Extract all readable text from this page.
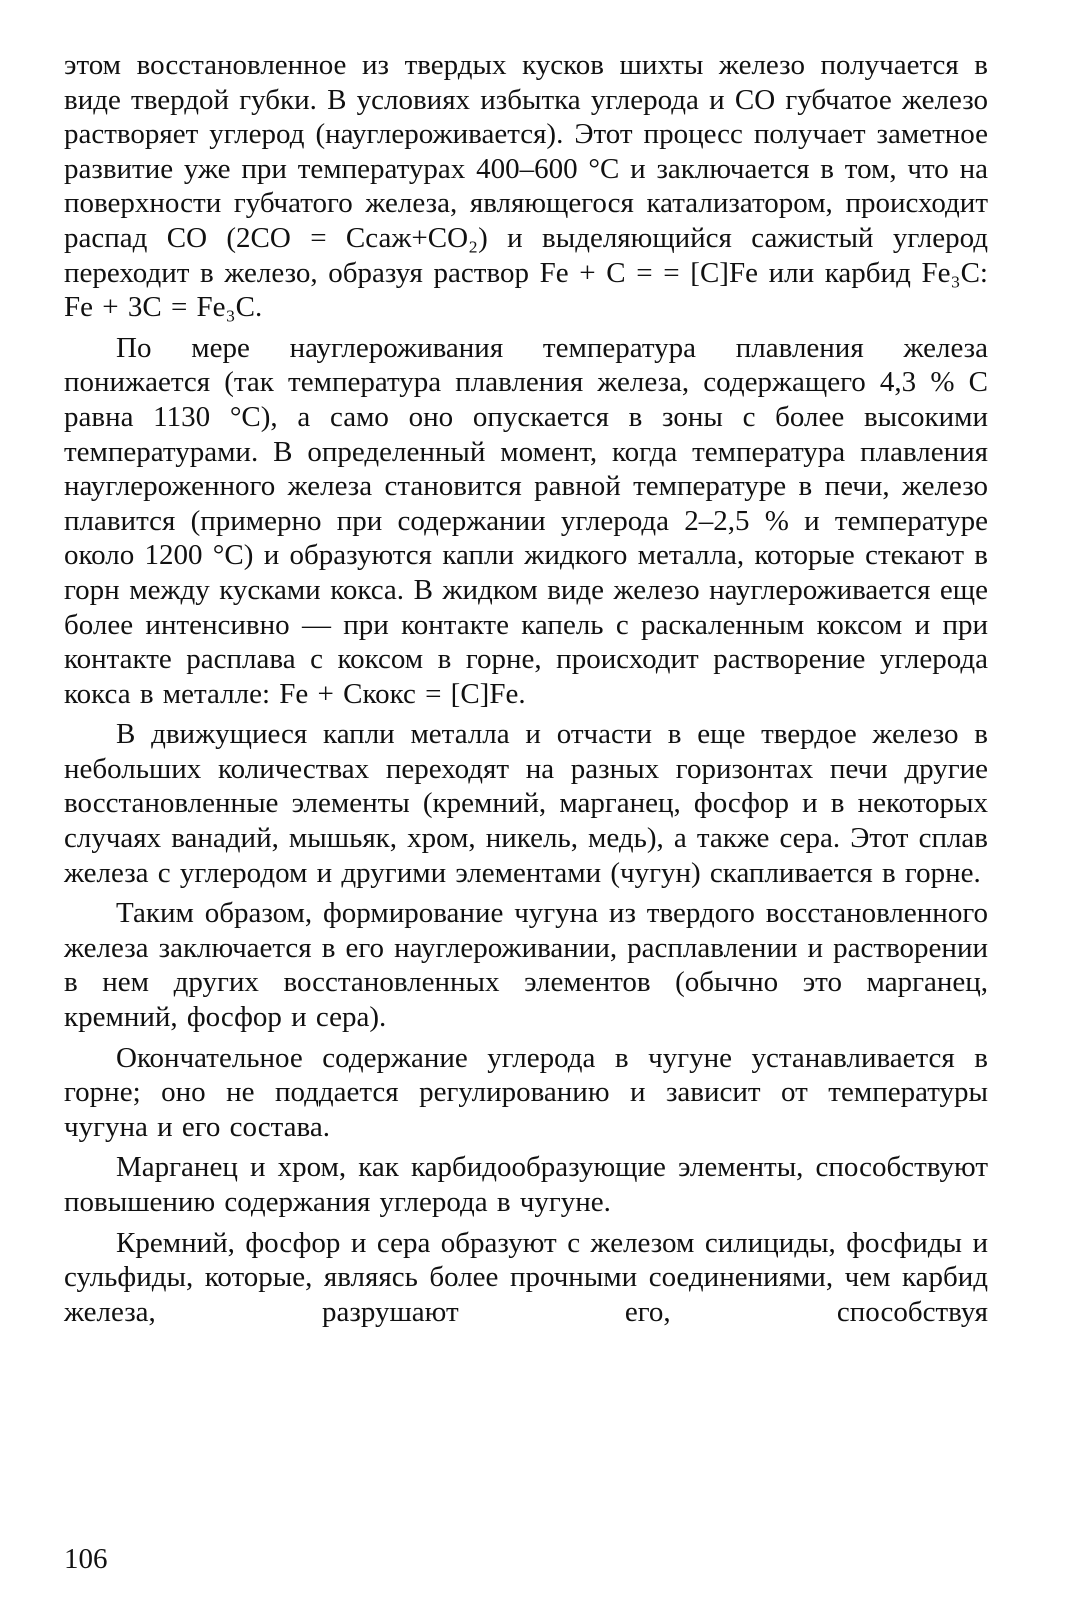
этом восстановленное из твердых кусков шихты железо получается в виде твердой губки. В условиях избытка углерода и CO губчатое железо растворяет углерод (науглероживается). Этот процесс получает заметное развитие уже при температурах 400–600 °С и заключается в том, что на поверхности губчатого железа, являющегося катализатором, происходит распад CO (2CO = Cсаж+CO₂) и выделяющийся сажистый углерод переходит в железо, образуя раствор Fe + C = = [C]Fe или карбид Fe₃C: Fe + 3C = Fe₃C.

По мере науглероживания температура плавления железа понижается (так температура плавления железа, содержащего 4,3 % C равна 1130 °С), а само оно опускается в зоны с более высокими температурами. В определенный момент, когда температура плавления науглероженного железа становится равной температуре в печи, железо плавится (примерно при содержании углерода 2–2,5 % и температуре около 1200 °С) и образуются капли жидкого металла, которые стекают в горн между кусками кокса. В жидком виде железо науглероживается еще более интенсивно — при контакте капель с раскаленным коксом и при контакте расплава с коксом в горне, происходит растворение углерода кокса в металле: Fe + Cкокс = [C]Fe.

В движущиеся капли металла и отчасти в еще твердое железо в небольших количествах переходят на разных горизонтах печи другие восстановленные элементы (кремний, марганец, фосфор и в некоторых случаях ванадий, мышьяк, хром, никель, медь), а также сера. Этот сплав железа с углеродом и другими элементами (чугун) скапливается в горне.

Таким образом, формирование чугуна из твердого восстановленного железа заключается в его науглероживании, расплавлении и растворении в нем других восстановленных элементов (обычно это марганец, кремний, фосфор и сера).

Окончательное содержание углерода в чугуне устанавливается в горне; оно не поддается регулированию и зависит от температуры чугуна и его состава.

Марганец и хром, как карбидообразующие элементы, способствуют повышению содержания углерода в чугуне.

Кремний, фосфор и сера образуют с железом силициды, фосфиды и сульфиды, которые, являясь более прочными соединениями, чем карбид железа, разрушают его, способствуя

106
